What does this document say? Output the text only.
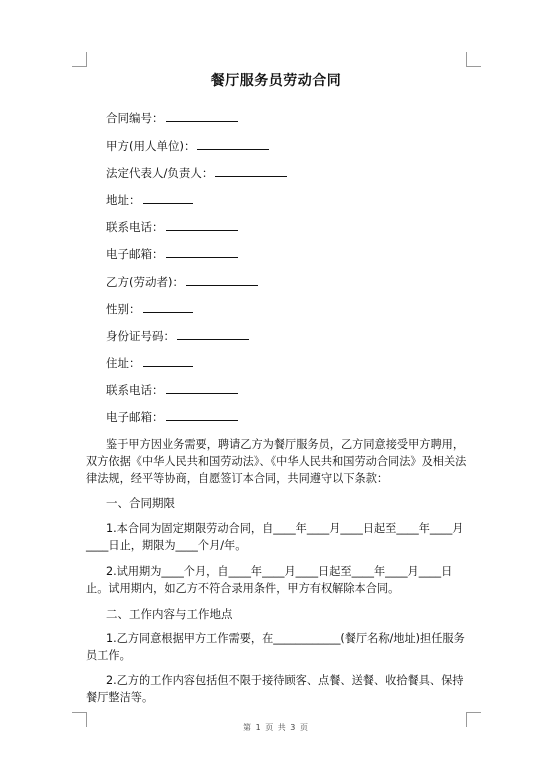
餐厅服务员劳动合同
合同编号：
甲方(用人单位)：
法定代表人/负责人：
地址：
联系电话：
电子邮箱：
乙方(劳动者)：
性别：
身份证号码：
住址：
联系电话：
电子邮箱：
鉴于甲方因业务需要，聘请乙方为餐厅服务员，乙方同意接受甲方聘用，双方依据《中华人民共和国劳动法》、《中华人民共和国劳动合同法》及相关法律法规，经平等协商，自愿签订本合同，共同遵守以下条款：
一、合同期限
1.本合同为固定期限劳动合同，自____年____月____日起至____年____月____日止，期限为____个月/年。
2.试用期为____个月，自____年____月____日起至____年____月____日止。试用期内，如乙方不符合录用条件，甲方有权解除本合同。
二、工作内容与工作地点
1.乙方同意根据甲方工作需要，在____________(餐厅名称/地址)担任服务员工作。
2.乙方的工作内容包括但不限于接待顾客、点餐、送餐、收拾餐具、保持餐厅整洁等。
第 1 页 共 3 页
